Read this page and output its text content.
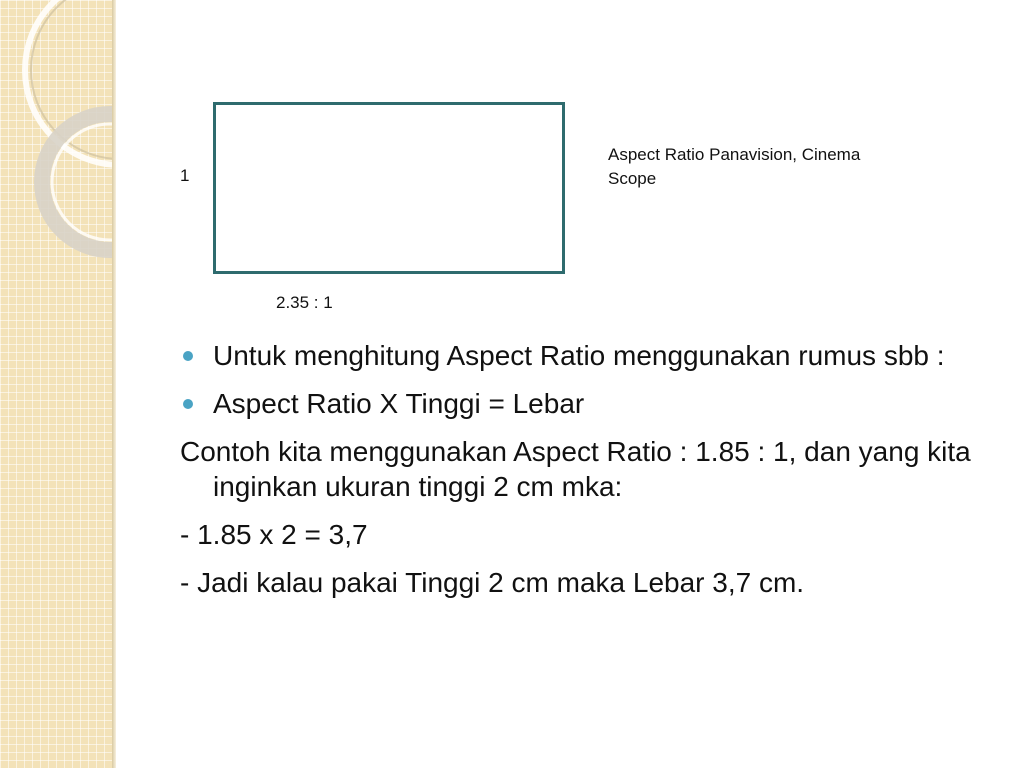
1
2.35 : 1
Aspect Ratio Panavision, Cinema Scope
Untuk menghitung Aspect Ratio menggunakan rumus sbb :
Aspect Ratio X Tinggi = Lebar

Contoh kita menggunakan Aspect Ratio : 1.85 : 1, dan yang kita inginkan ukuran tinggi 2 cm mka:

- 1.85 x 2 = 3,7

- Jadi kalau pakai Tinggi 2 cm maka Lebar 3,7 cm.
